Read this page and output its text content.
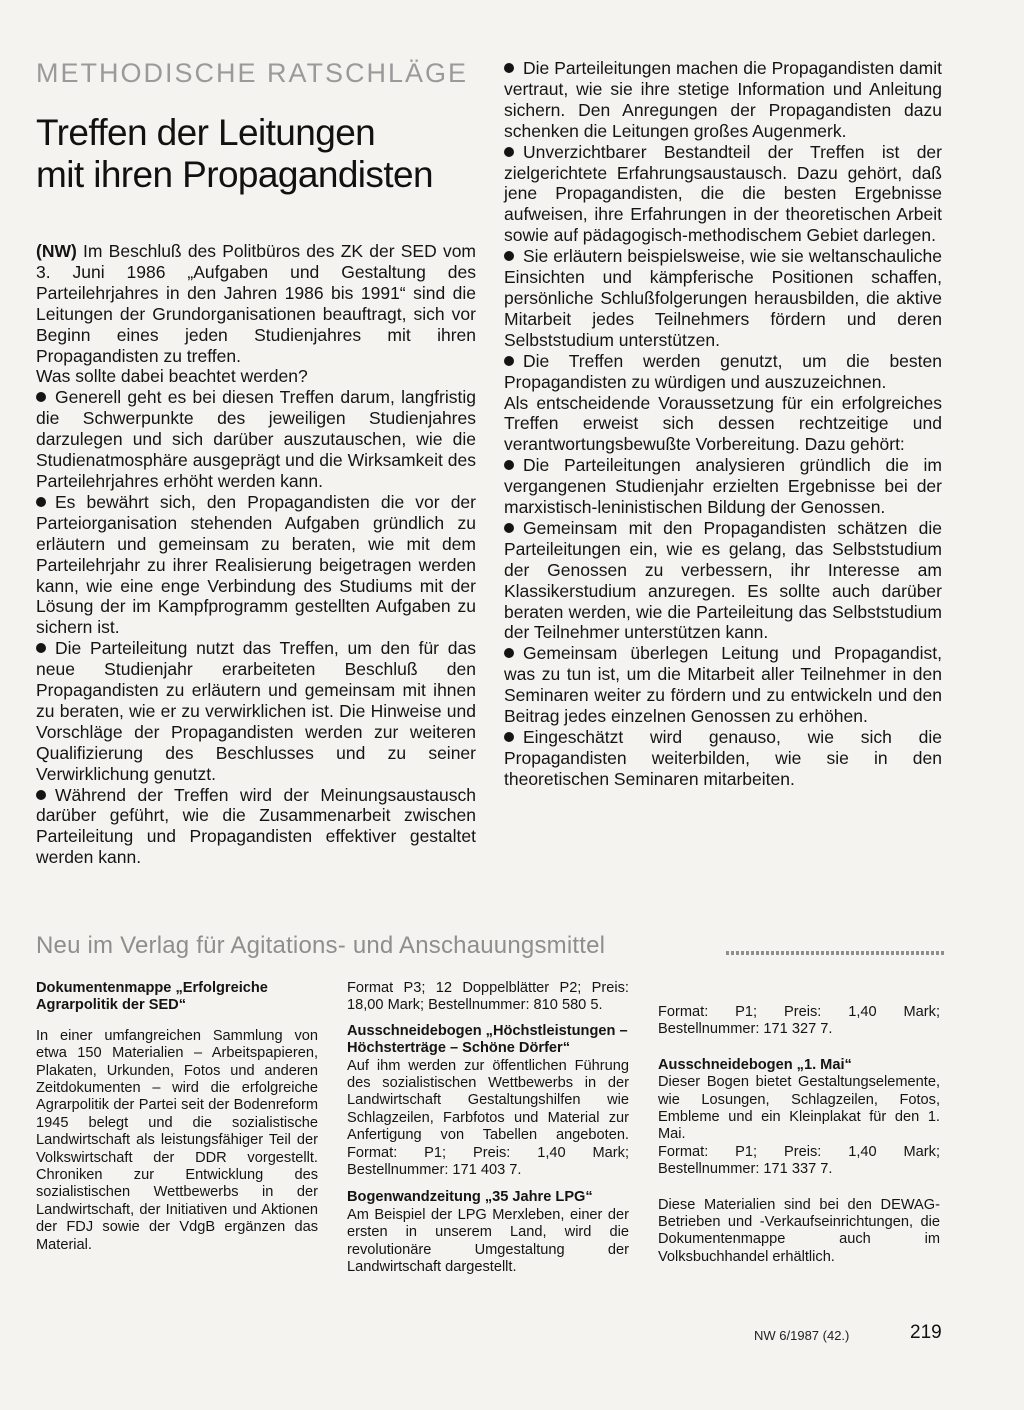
METHODISCHE RATSCHLÄGE
Treffen der Leitungen
mit ihren Propagandisten

(NW) Im Beschluß des Politbüros des ZK der SED vom 3. Juni 1986 „Aufgaben und Gestaltung des Parteilehrjahres in den Jahren 1986 bis 1991“ sind die Leitungen der Grundorganisationen beauftragt, sich vor Beginn eines jeden Studienjahres mit ihren Propagandisten zu treffen.

Was sollte dabei beachtet werden?

Generell geht es bei diesen Treffen darum, langfristig die Schwerpunkte des jeweiligen Studienjahres darzulegen und sich darüber auszutauschen, wie die Studienatmosphäre ausgeprägt und die Wirksamkeit des Parteilehrjahres erhöht werden kann.

Es bewährt sich, den Propagandisten die vor der Parteiorganisation stehenden Aufgaben gründlich zu erläutern und gemeinsam zu beraten, wie mit dem Parteilehrjahr zu ihrer Realisierung beigetragen werden kann, wie eine enge Verbindung des Studiums mit der Lösung der im Kampfprogramm gestellten Aufgaben zu sichern ist.

Die Parteileitung nutzt das Treffen, um den für das neue Studienjahr erarbeiteten Beschluß den Propagandisten zu erläutern und gemeinsam mit ihnen zu beraten, wie er zu verwirklichen ist. Die Hinweise und Vorschläge der Propagandisten werden zur weiteren Qualifizierung des Beschlusses und zu seiner Verwirklichung genutzt.

Während der Treffen wird der Meinungsaustausch darüber geführt, wie die Zusammenarbeit zwischen Parteileitung und Propagandisten effektiver gestaltet werden kann.

Die Parteileitungen machen die Propagandisten damit vertraut, wie sie ihre stetige Information und Anleitung sichern. Den Anregungen der Propagandisten dazu schenken die Leitungen großes Augenmerk.

Unverzichtbarer Bestandteil der Treffen ist der zielgerichtete Erfahrungsaustausch. Dazu gehört, daß jene Propagandisten, die die besten Ergebnisse aufweisen, ihre Erfahrungen in der theoretischen Arbeit sowie auf pädagogisch-methodischem Gebiet darlegen.

Sie erläutern beispielsweise, wie sie weltanschauliche Einsichten und kämpferische Positionen schaffen, persönliche Schlußfolgerungen herausbilden, die aktive Mitarbeit jedes Teilnehmers fördern und deren Selbststudium unterstützen.

Die Treffen werden genutzt, um die besten Propagandisten zu würdigen und auszuzeichnen.

Als entscheidende Voraussetzung für ein erfolgreiches Treffen erweist sich dessen rechtzeitige und verantwortungsbewußte Vorbereitung. Dazu gehört:

Die Parteileitungen analysieren gründlich die im vergangenen Studienjahr erzielten Ergebnisse bei der marxistisch-leninistischen Bildung der Genossen.

Gemeinsam mit den Propagandisten schätzen die Parteileitungen ein, wie es gelang, das Selbststudium der Genossen zu verbessern, ihr Interesse am Klassikerstudium anzuregen. Es sollte auch darüber beraten werden, wie die Parteileitung das Selbststudium der Teilnehmer unterstützen kann.

Gemeinsam überlegen Leitung und Propagandist, was zu tun ist, um die Mitarbeit aller Teilnehmer in den Seminaren weiter zu fördern und zu entwickeln und den Beitrag jedes einzelnen Genossen zu erhöhen.

Eingeschätzt wird genauso, wie sich die Propagandisten weiterbilden, wie sie in den theoretischen Seminaren mitarbeiten.

Neu im Verlag für Agitations- und Anschauungsmittel

Dokumentenmappe „Erfolgreiche Agrarpolitik der SED“

In einer umfangreichen Sammlung von etwa 150 Materialien – Arbeitspapieren, Plakaten, Urkunden, Fotos und anderen Zeitdokumenten – wird die erfolgreiche Agrarpolitik der Partei seit der Bodenreform 1945 belegt und die sozialistische Landwirtschaft als leistungsfähiger Teil der Volkswirtschaft der DDR vorgestellt. Chroniken zur Entwicklung des sozialistischen Wettbewerbs in der Landwirtschaft, der Initiativen und Aktionen der FDJ sowie der VdgB ergänzen das Material.

Format P3; 12 Doppelblätter P2; Preis: 18,00 Mark; Bestellnummer: 810 580 5.

Ausschneidebogen „Höchstleistungen – Höchsterträge – Schöne Dörfer“

Auf ihm werden zur öffentlichen Führung des sozialistischen Wettbewerbs in der Landwirtschaft Gestaltungshilfen wie Schlagzeilen, Farbfotos und Material zur Anfertigung von Tabellen angeboten. Format: P1; Preis: 1,40 Mark; Bestellnummer: 171 403 7.

Bogenwandzeitung „35 Jahre LPG“

Am Beispiel der LPG Merxleben, einer der ersten in unserem Land, wird die revolutionäre Umgestaltung der Landwirtschaft dargestellt.

Format: P1; Preis: 1,40 Mark; Bestellnummer: 171 327 7.

Ausschneidebogen „1. Mai“

Dieser Bogen bietet Gestaltungselemente, wie Losungen, Schlagzeilen, Fotos, Embleme und ein Kleinplakat für den 1. Mai.

Format: P1; Preis: 1,40 Mark; Bestellnummer: 171 337 7.

Diese Materialien sind bei den DEWAG-Betrieben und -Verkaufseinrichtungen, die Dokumentenmappe auch im Volksbuchhandel erhältlich.

NW 6/1987 (42.)	219
